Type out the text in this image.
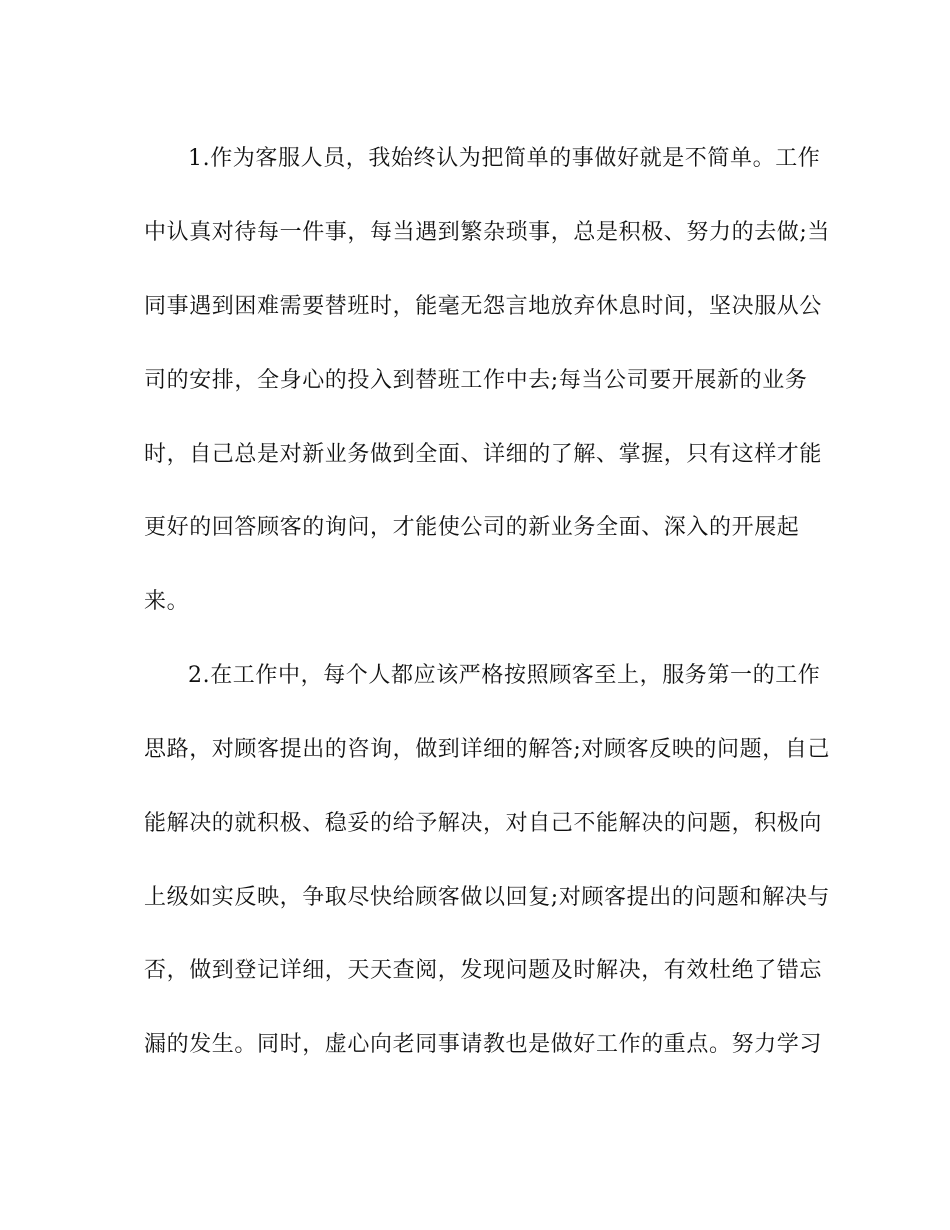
1.作为客服人员，我始终认为把简单的事做好就是不简单。工作
中认真对待每一件事，每当遇到繁杂琐事，总是积极、努力的去做;当
同事遇到困难需要替班时，能毫无怨言地放弃休息时间，坚决服从公
司的安排，全身心的投入到替班工作中去;每当公司要开展新的业务
时，自己总是对新业务做到全面、详细的了解、掌握，只有这样才能
更好的回答顾客的询问，才能使公司的新业务全面、深入的开展起
来。
2.在工作中，每个人都应该严格按照顾客至上，服务第一的工作
思路，对顾客提出的咨询，做到详细的解答;对顾客反映的问题，自己
能解决的就积极、稳妥的给予解决，对自己不能解决的问题，积极向
上级如实反映，争取尽快给顾客做以回复;对顾客提出的问题和解决与
否，做到登记详细，天天查阅，发现问题及时解决，有效杜绝了错忘
漏的发生。同时，虚心向老同事请教也是做好工作的重点。努力学习
